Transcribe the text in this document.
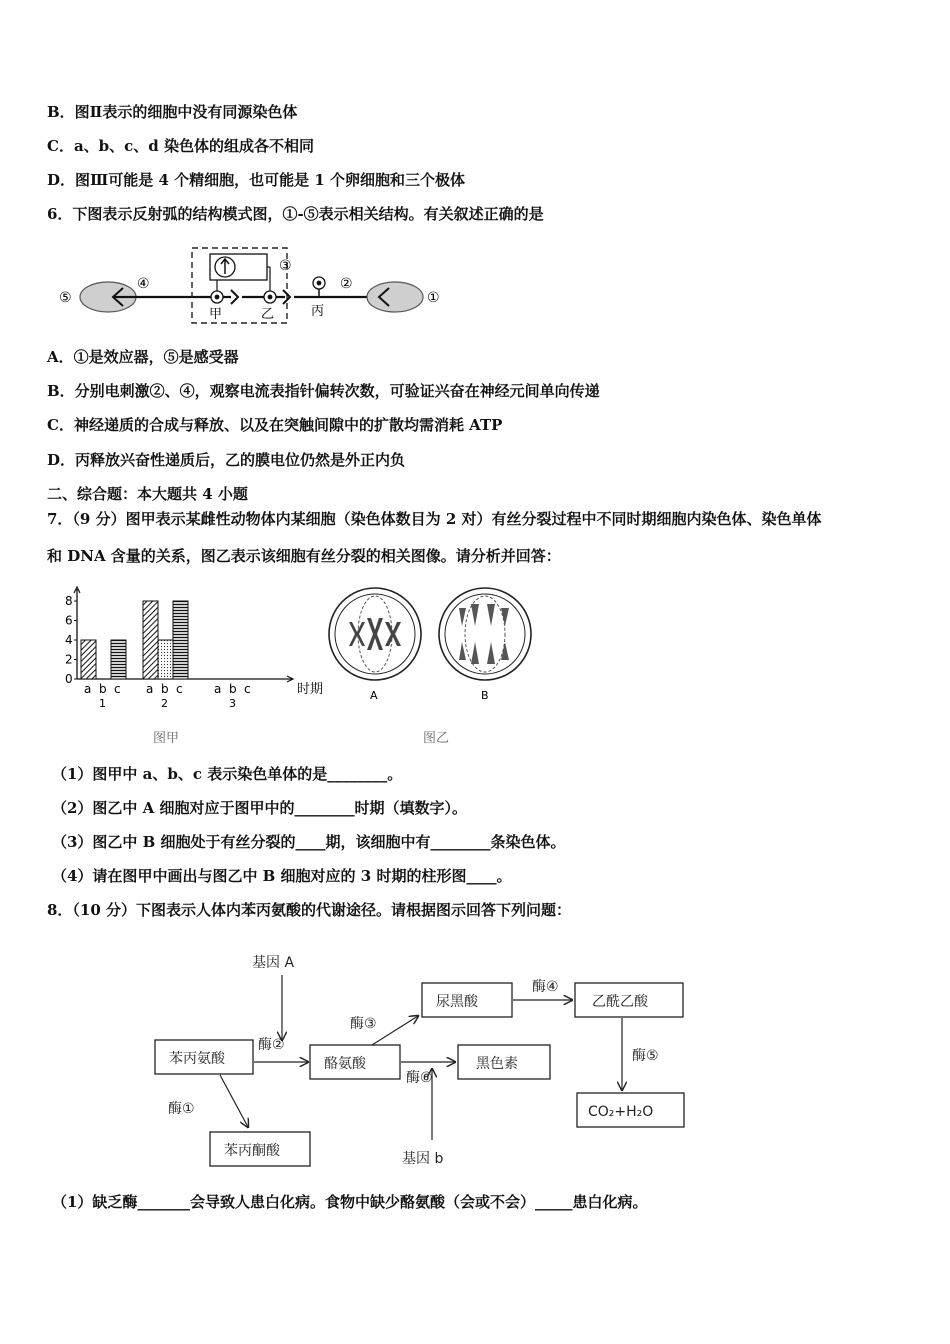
B．图Ⅱ表示的细胞中没有同源染色体
C．a、b、c、d 染色体的组成各不相同
D．图Ⅲ可能是 4 个精细胞，也可能是 1 个卵细胞和三个极体
6．下图表示反射弧的结构模式图，①-⑤表示相关结构。有关叙述正确的是
⑤
④
③
甲	乙	丙
②
①
A．①是效应器，⑤是感受器
B．分别电刺激②、④，观察电流表指针偏转次数，可验证兴奋在神经元间单向传递
C．神经递质的合成与释放、以及在突触间隙中的扩散均需消耗 ATP
D．丙释放兴奋性递质后，乙的膜电位仍然是外正内负
二、综合题：本大题共 4 小题
7．（9 分）图甲表示某雌性动物体内某细胞（染色体数目为 2 对）有丝分裂过程中不同时期细胞内染色体、染色单体
和 DNA 含量的关系，图乙表示该细胞有丝分裂的相关图像。请分析并回答：
0
2
4
6
8
a b c
1
a b c
2
a b c
3
时期
图甲
A	B
图乙
（1）图甲中 a、b、c 表示染色单体的是________。
（2）图乙中 A 细胞对应于图甲中的________时期（填数字）。
（3）图乙中 B 细胞处于有丝分裂的____期，该细胞中有________条染色体。
（4）请在图甲中画出与图乙中 B 细胞对应的 3 时期的柱形图____。
8．（10 分）下图表示人体内苯丙氨酸的代谢途径。请根据图示回答下列问题：
基因 A
苯丙氨酸
酶②
酪氨酸
酶①
苯丙酮酸
酶③
尿黑酸
酶④
乙酰乙酸
酶⑤
CO₂+H₂O
酶⑥
黑色素
基因 b
（1）缺乏酶_______会导致人患白化病。食物中缺少酪氨酸（会或不会）_____患白化病。
